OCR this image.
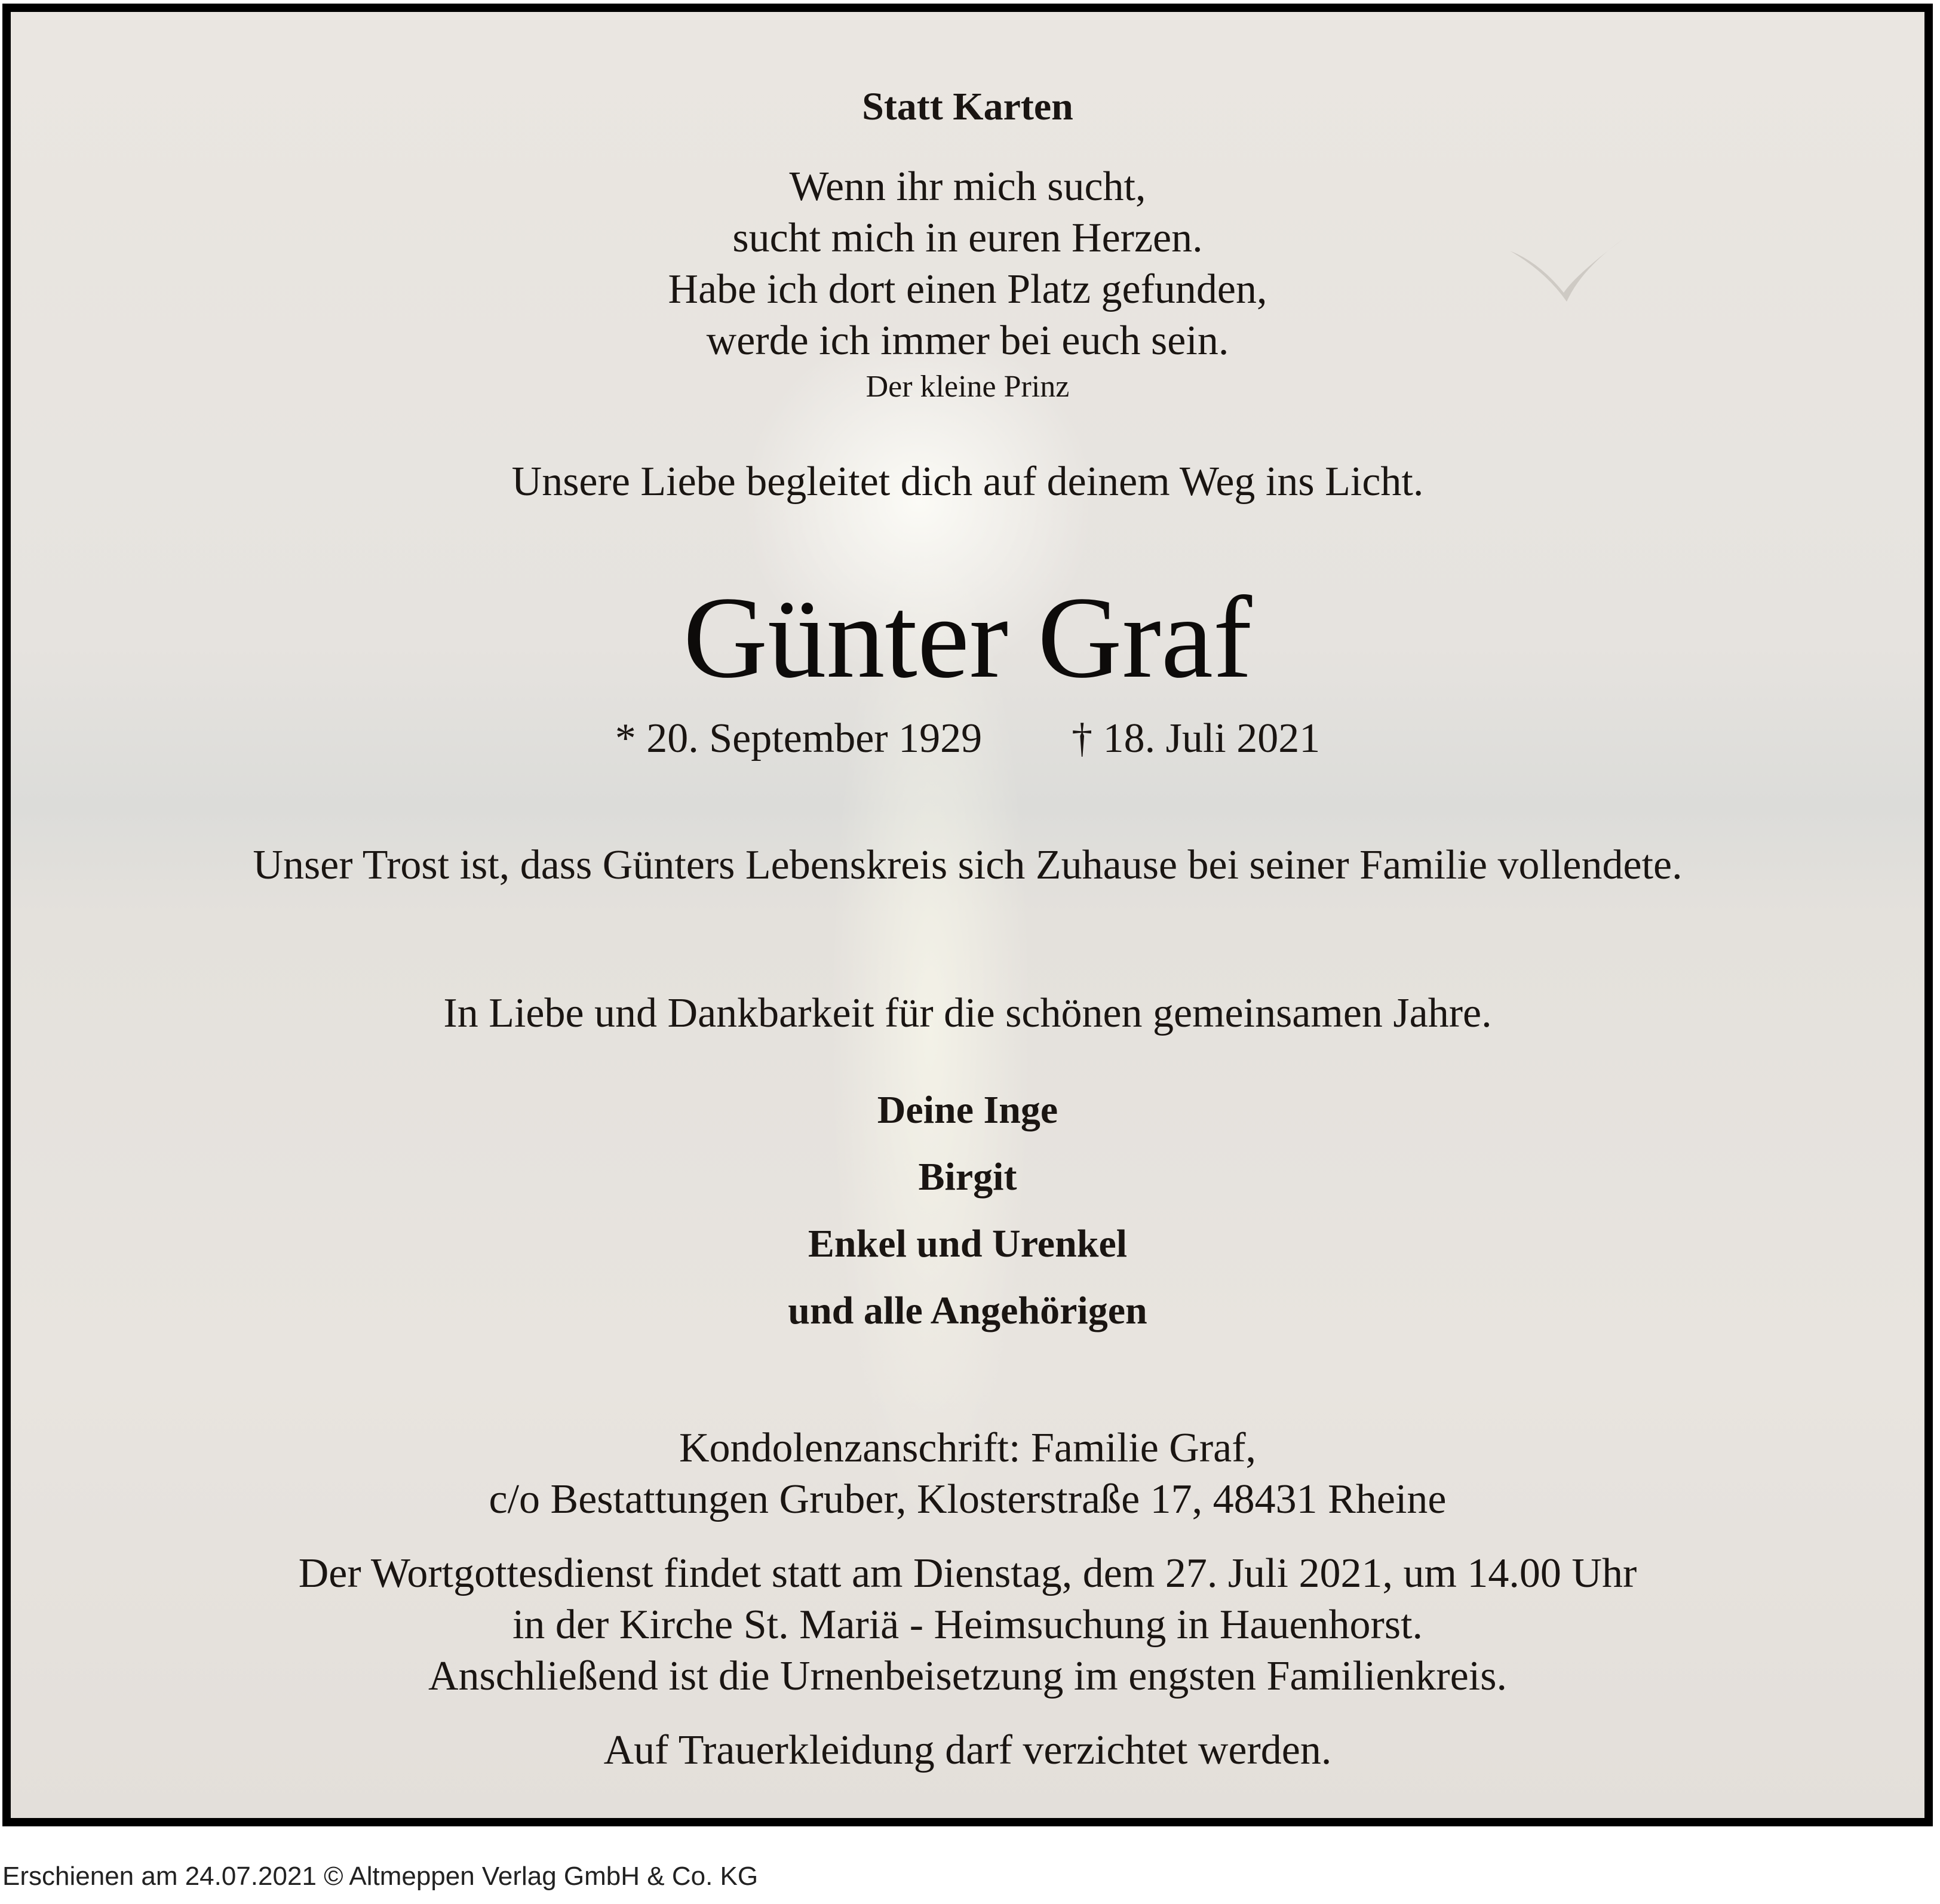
Statt Karten
Wenn ihr mich sucht,
sucht mich in euren Herzen.
Habe ich dort einen Platz gefunden,
werde ich immer bei euch sein.
Der kleine Prinz
Unsere Liebe begleitet dich auf deinem Weg ins Licht.
Günter Graf
* 20. September 1929 † 18. Juli 2021
Unser Trost ist, dass Günters Lebenskreis sich Zuhause bei seiner Familie vollendete.
In Liebe und Dankbarkeit für die schönen gemeinsamen Jahre.
Deine Inge
Birgit
Enkel und Urenkel
und alle Angehörigen
Kondolenzanschrift: Familie Graf,
c/o Bestattungen Gruber, Klosterstraße 17, 48431 Rheine
Der Wortgottesdienst findet statt am Dienstag, dem 27. Juli 2021, um 14.00 Uhr
in der Kirche St. Mariä - Heimsuchung in Hauenhorst.
Anschließend ist die Urnenbeisetzung im engsten Familienkreis.
Auf Trauerkleidung darf verzichtet werden.
Erschienen am 24.07.2021 © Altmeppen Verlag GmbH & Co. KG
